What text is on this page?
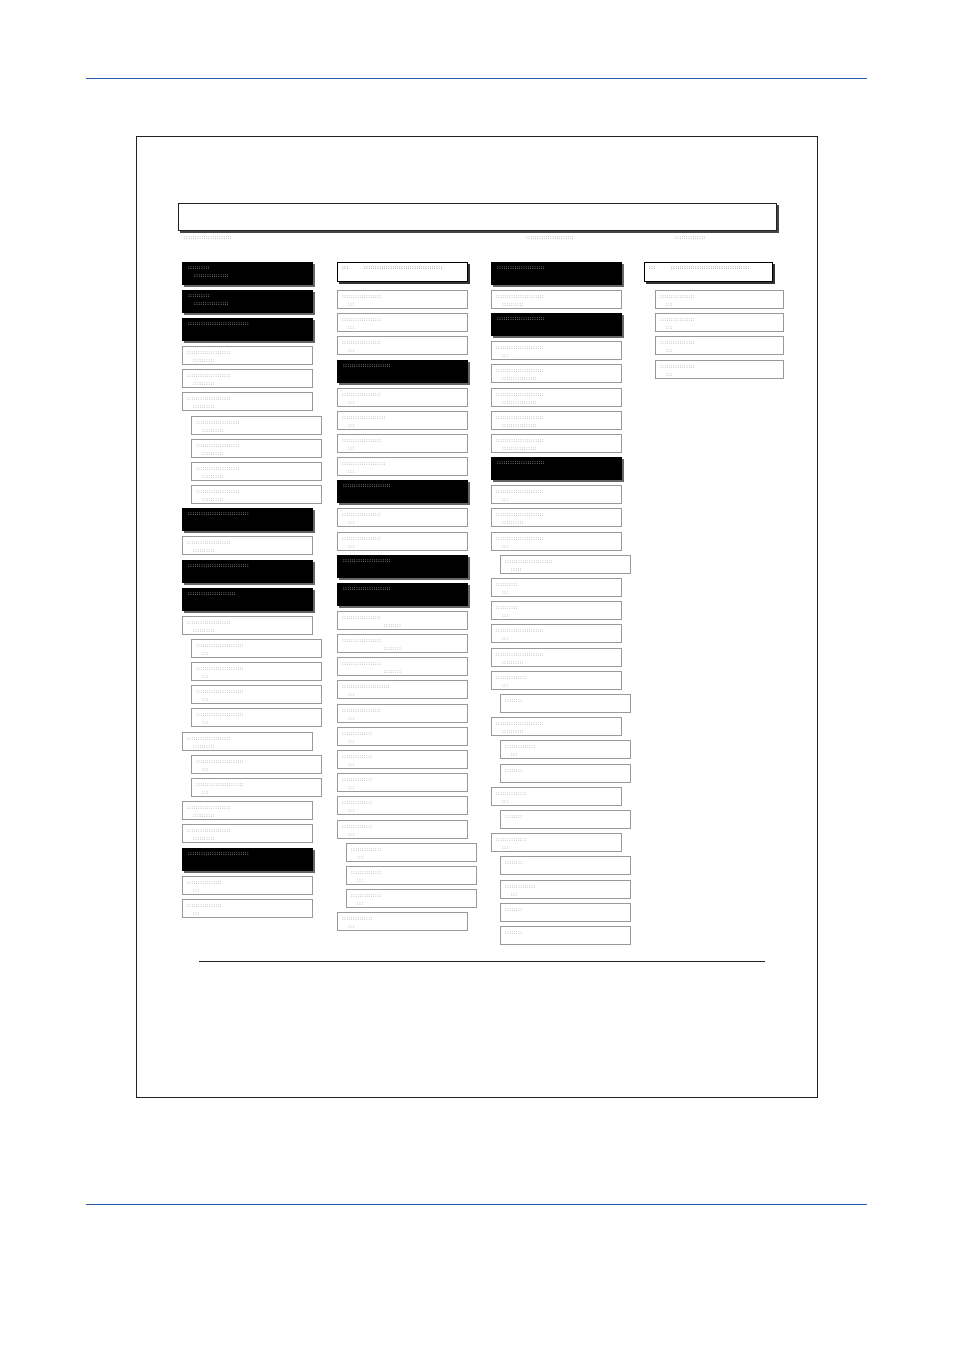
::::::::::::::::::::::	::::::::::::::::::::::	::::::::::::::
::::::::::
::::::::::::::::
::::::::::
::::::::::::::::
::::::::::::::::::::::::::::
::::::::::::::::::::
::::::::::
::::::::::::::::::::
::::::::::
::::::::::::::::::::
::::::::::
::::::::::::::::::::
::::::::::
::::::::::::::::::::
::::::::::
::::::::::::::::::::
::::::::::
::::::::::::::::::::
::::::::::
::::::::::::::::::::::::::::
::::::::::::::::::::
::::::::::
::::::::::::::::::::::::::::
::::::::::::::::::::::
::::::::::::::::::::
::::::::::
::::::::::::::::::::::
:::
::::::::::::::::::::::
:::
::::::::::::::::::::::
:::
::::::::::::::::::::::
:::
::::::::::::::::::::
::::::::::
::::::::::::::::::::::
:::
::::::::::::::::::::::
:::
::::::::::::::::::::
::::::::::
::::::::::::::::::::
::::::::::
::::::::::::::::::::::::::::
::::::::::::::::
:::
::::::::::::::::
:::
:::	::::::::::::::::::::::::::::::::::::
::::::::::::::::::
:::
::::::::::::::::::
:::
::::::::::::::::::
:::
::::::::::::::::::::::
::::::::::::::::::
:::
::::::::::::::::::::
:::
::::::::::::::::::
:::
::::::::::::::::::::
:::
::::::::::::::::::::::
::::::::::::::::::
:::
::::::::::::::::::
:::
::::::::::::::::::::::
::::::::::::::::::::::
::::::::::::::::::
::::::::
::::::::::::::::::
::::::::
::::::::::::::::::
::::::::
::::::::::::::::::::::
:::
::::::::::::::::::
:::
::::::::::::::
:::
::::::::::::::
:::
::::::::::::::
:::
::::::::::::::
:::
::::::::::::::
:::
::::::::::::::
:::
::::::::::::::
:::
::::::::::::::
:::
::::::::::::::
:::
::::::::::::::::::::::
::::::::::::::::::::::
::::::::::
::::::::::::::::::::::
::::::::::::::::::::::
:::
::::::::::::::::::::::
::::::::::::::::
::::::::::::::::::::::
::::::::::::::::
::::::::::::::::::::::
::::::::::::::::
::::::::::::::::::::::
::::::::::::::::
::::::::::::::::::::::
::::::::::::::::::::::
:::
::::::::::::::::::::::
::::::::::
::::::::::::::::::::::
:::
::::::::::::::::::::::
:::::
::::::::::
:::
::::::::::
:::
::::::::::::::::::::::
:::
::::::::::::::::::::::
::::::::::
::::::::::::::
:::
::::::::
::::::::::::::::::::::
::::::::::
::::::::::::::
:::
::::::::
::::::::::::::
:::
::::::::
::::::::::::::
:::
::::::::
::::::::::::::
:::
::::::::
::::::::
:::	::::::::::::::::::::::::::::::::::::
::::::::::::::::
:::
::::::::::::::::
:::
::::::::::::::::
:::
::::::::::::::::
:::
